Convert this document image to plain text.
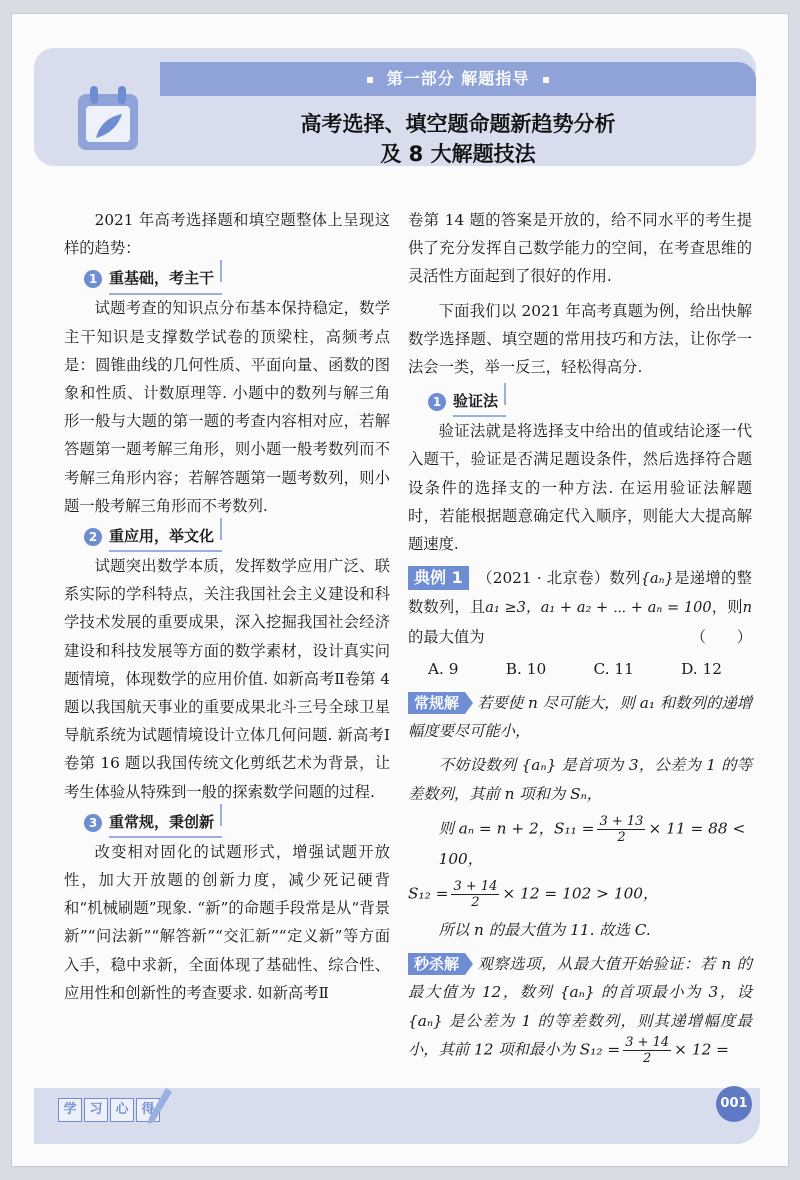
第一部分 解题指导
高考选择、填空题命题新趋势分析
及 8 大解题技法

2021 年高考选择题和填空题整体上呈现这样的趋势：

1 重基础，考主干

试题考查的知识点分布基本保持稳定，数学主干知识是支撑数学试卷的顶梁柱，高频考点是：圆锥曲线的几何性质、平面向量、函数的图象和性质、计数原理等. 小题中的数列与解三角形一般与大题的第一题的考查内容相对应，若解答题第一题考解三角形，则小题一般考数列而不考解三角形内容；若解答题第一题考数列，则小题一般考解三角形而不考数列.

2 重应用，举文化

试题突出数学本质，发挥数学应用广泛、联系实际的学科特点，关注我国社会主义建设和科学技术发展的重要成果，深入挖掘我国社会经济建设和科技发展等方面的数学素材，设计真实问题情境，体现数学的应用价值. 如新高考Ⅱ卷第 4 题以我国航天事业的重要成果北斗三号全球卫星导航系统为试题情境设计立体几何问题. 新高考Ⅰ卷第 16 题以我国传统文化剪纸艺术为背景，让考生体验从特殊到一般的探索数学问题的过程.

3 重常规，秉创新

改变相对固化的试题形式，增强试题开放性，加大开放题的创新力度，减少死记硬背和“机械刷题”现象. “新”的命题手段常是从“背景新”“问法新”“解答新”“交汇新”“定义新”等方面入手，稳中求新，全面体现了基础性、综合性、应用性和创新性的考查要求. 如新高考Ⅱ

卷第 14 题的答案是开放的，给不同水平的考生提供了充分发挥自己数学能力的空间，在考查思维的灵活性方面起到了很好的作用.

下面我们以 2021 年高考真题为例，给出快解数学选择题、填空题的常用技巧和方法，让你学一法会一类，举一反三，轻松得高分.

1 验证法

验证法就是将选择支中给出的值或结论逐一代入题干，验证是否满足题设条件，然后选择符合题设条件的选择支的一种方法. 在运用验证法解题时，若能根据题意确定代入顺序，则能大大提高解题速度.

典例 1 （2021 · 北京卷）数列{aₙ}是递增的整数数列，且a₁ ≥3，a₁ + a₂ + ⋯ + aₙ = 100，则n的最大值为	（　　）

A. 9	B. 10	C. 11	D. 12

常规解 若要使 n 尽可能大，则 a₁ 和数列的递增幅度要尽可能小，

不妨设数列 {aₙ} 是首项为 3，公差为 1 的等差数列，其前 n 项和为 Sₙ，

则 aₙ = n + 2，$S_{11} = \frac{3 + 13}{2} \times 11 = 88 < 100$，
$S_{12} = \frac{3 + 14}{2} \times 12 = 102 > 100$，

所以 n 的最大值为 11. 故选 C.

秒杀解 观察选项，从最大值开始验证：若 n 的最大值为 12，数列 {aₙ} 的首项最小为 3，设 {aₙ} 是公差为 1 的等差数列，则其递增幅度最小，其前 12 项和最小为 $S_{12} = \frac{3 + 14}{2} \times 12$ =

学 习 心 得	001
